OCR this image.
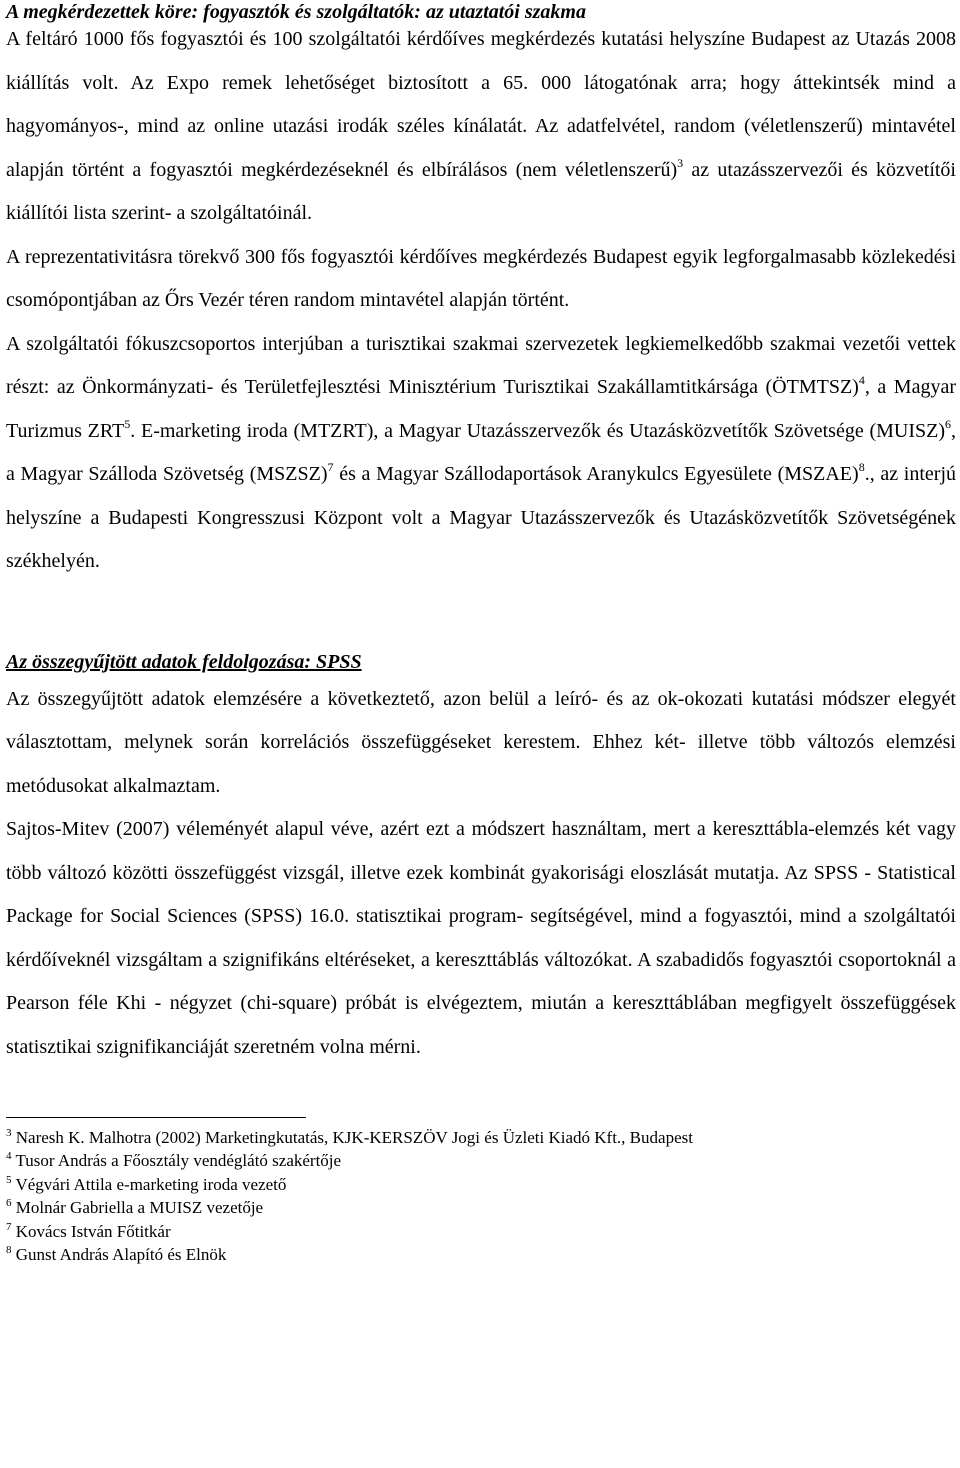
A megkérdezettek köre: fogyasztók és szolgáltatók: az utaztatói szakma

A feltáró 1000 fős fogyasztói és 100 szolgáltatói kérdőíves megkérdezés kutatási helyszíne Budapest az Utazás 2008 kiállítás volt. Az Expo remek lehetőséget biztosított a 65. 000 látogatónak arra; hogy áttekintsék mind a hagyományos-, mind az online utazási irodák széles kínálatát. Az adatfelvétel, random (véletlenszerű) mintavétel alapján történt a fogyasztói megkérdezéseknél és elbírálásos (nem véletlenszerű)$^3$ az utazásszervezői és közvetítői kiállítói lista szerint- a szolgáltatóinál.

A reprezentativitásra törekvő 300 fős fogyasztói kérdőíves megkérdezés Budapest egyik legforgalmasabb közlekedési csomópontjában az Őrs Vezér téren random mintavétel alapján történt.

A szolgáltatói fókuszcsoportos interjúban a turisztikai szakmai szervezetek legkiemelkedőbb szakmai vezetői vettek részt: az Önkormányzati- és Területfejlesztési Minisztérium Turisztikai Szakállamtitkársága (ÖTMTSZ)$^4$, a Magyar Turizmus ZRT$^5$. E-marketing iroda (MTZRT), a Magyar Utazásszervezők és Utazásközvetítők Szövetsége (MUISZ)$^6$, a Magyar Szálloda Szövetség (MSZSZ)$^7$ és a Magyar Szállodaportások Aranykulcs Egyesülete (MSZAE)$^8$., az interjú helyszíne a Budapesti Kongresszusi Központ volt a Magyar Utazásszervezők és Utazásközvetítők Szövetségének székhelyén.

Az összegyűjtött adatok feldolgozása: SPSS

Az összegyűjtött adatok elemzésére a következtető, azon belül a leíró- és az ok-okozati kutatási módszer elegyét választottam, melynek során korrelációs összefüggéseket kerestem. Ehhez két- illetve több változós elemzési metódusokat alkalmaztam.

Sajtos-Mitev (2007) véleményét alapul véve, azért ezt a módszert használtam, mert a kereszttábla-elemzés két vagy több változó közötti összefüggést vizsgál, illetve ezek kombinát gyakorisági eloszlását mutatja. Az SPSS - Statistical Package for Social Sciences (SPSS) 16.0. statisztikai program- segítségével, mind a fogyasztói, mind a szolgáltatói kérdőíveknél vizsgáltam a szignifikáns eltéréseket, a kereszttáblás változókat. A szabadidős fogyasztói csoportoknál a Pearson féle Khi - négyzet (chi-square) próbát is elvégeztem, miután a kereszttáblában megfigyelt összefüggések statisztikai szignifikanciáját szeretném volna mérni.

$^3$ Naresh K. Malhotra (2002) Marketingkutatás, KJK-KERSZÖV Jogi és Üzleti Kiadó Kft., Budapest

$^4$ Tusor András a Főosztály vendéglátó szakértője

$^5$ Végvári Attila e-marketing iroda vezető

$^6$ Molnár Gabriella a MUISZ vezetője

$^7$ Kovács István Főtitkár

$^8$ Gunst András Alapító és Elnök
